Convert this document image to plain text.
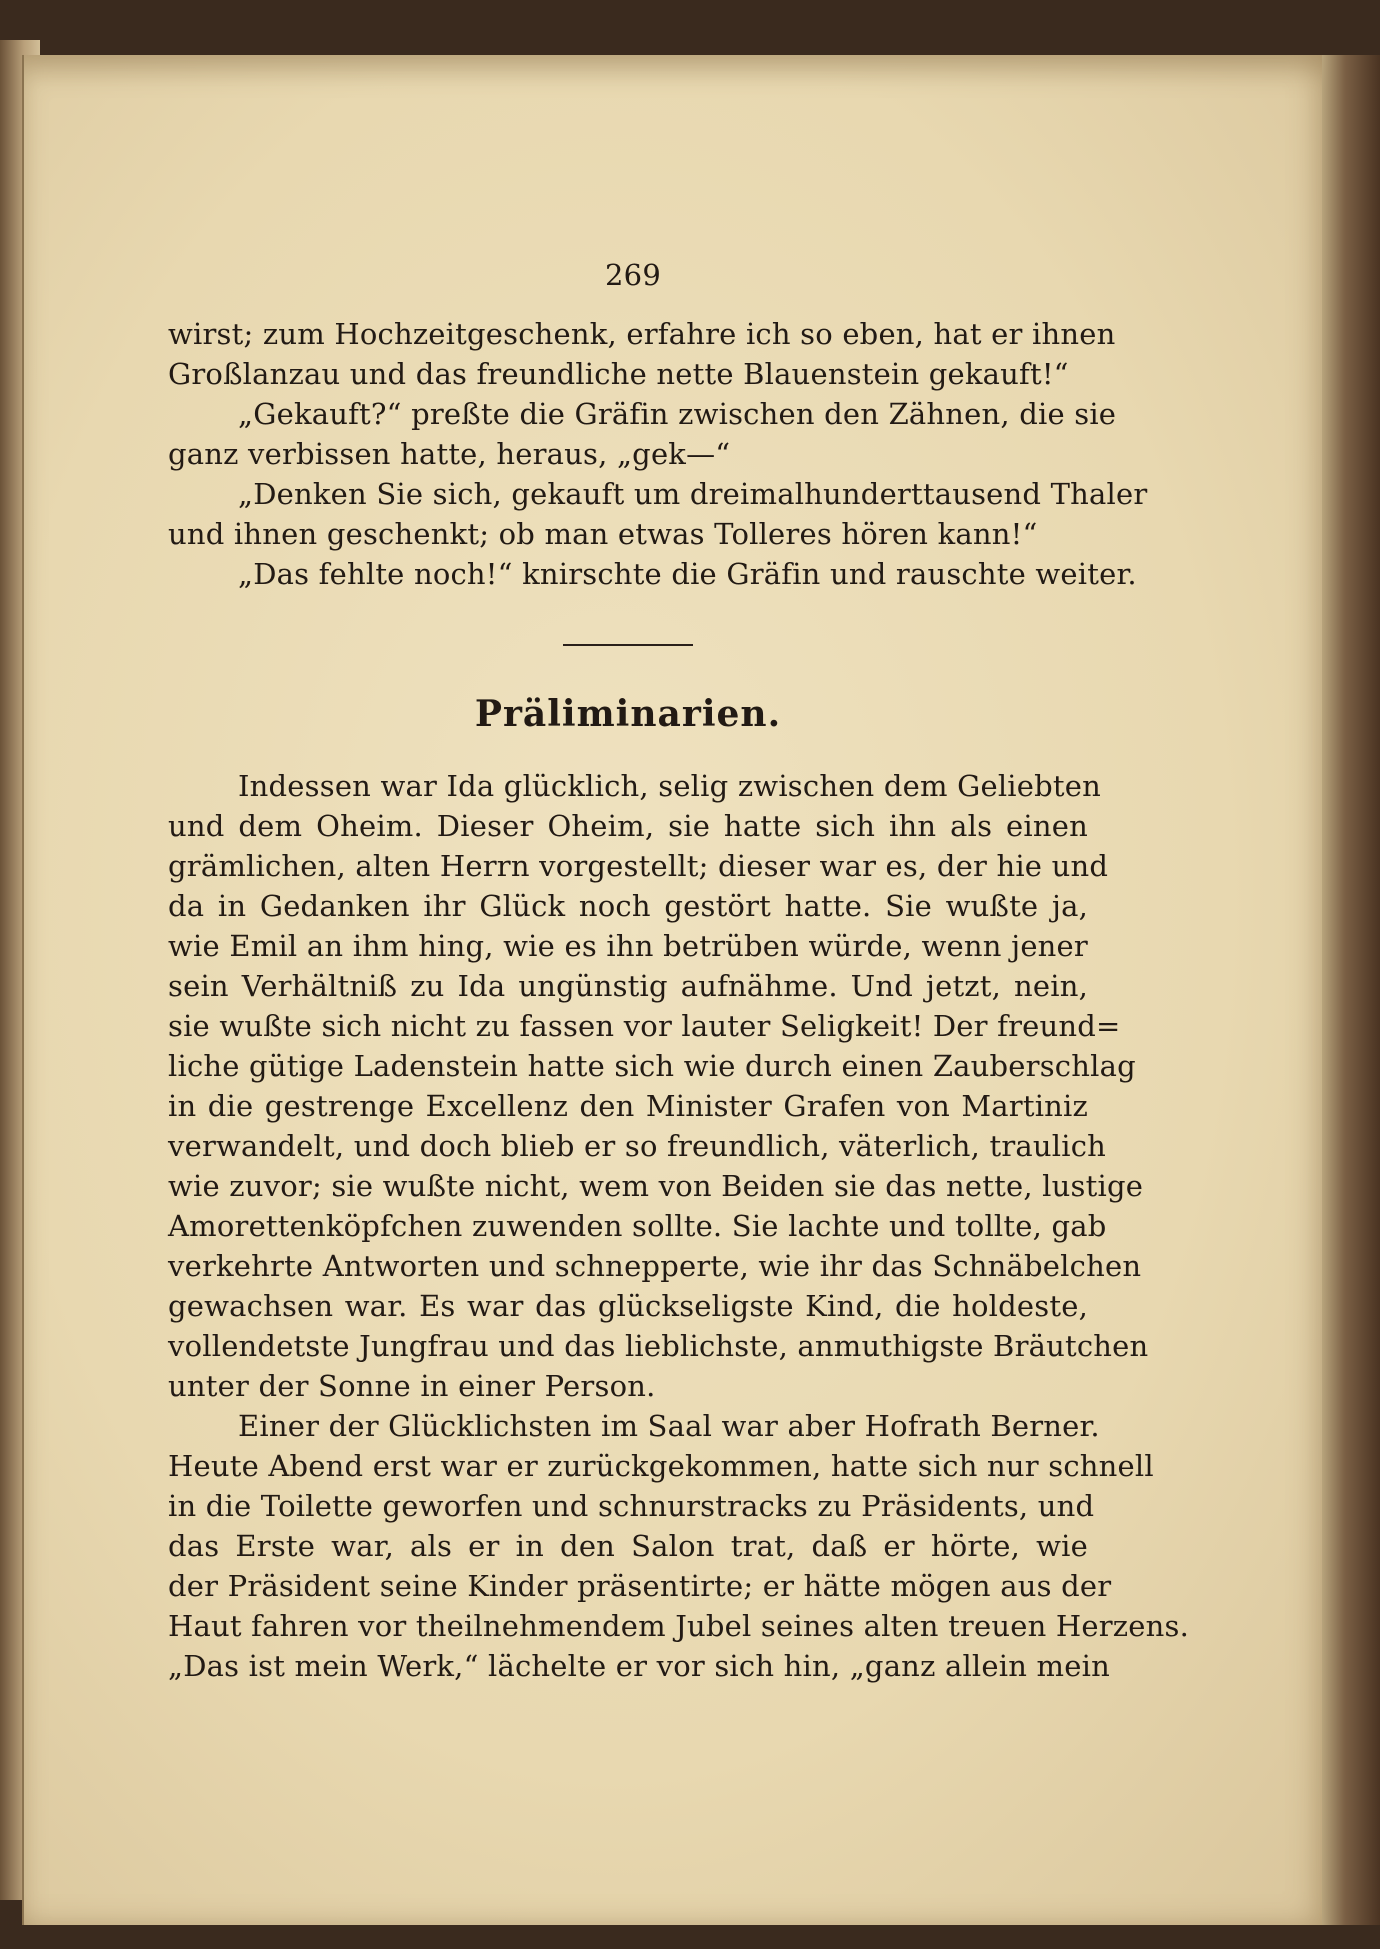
269
wirst; zum Hochzeitgeschenk, erfahre ich so eben, hat er ihnen
Großlanzau und das freundliche nette Blauenstein gekauft!“
„Gekauft?“ preßte die Gräfin zwischen den Zähnen, die sie
ganz verbissen hatte, heraus, „gek—“
„Denken Sie sich, gekauft um dreimalhunderttausend Thaler
und ihnen geschenkt; ob man etwas Tolleres hören kann!“
„Das fehlte noch!“ knirschte die Gräfin und rauschte weiter.
Präliminarien.
Indessen war Ida glücklich, selig zwischen dem Geliebten
und dem Oheim. Dieser Oheim, sie hatte sich ihn als einen
grämlichen, alten Herrn vorgestellt; dieser war es, der hie und
da in Gedanken ihr Glück noch gestört hatte. Sie wußte ja,
wie Emil an ihm hing, wie es ihn betrüben würde, wenn jener
sein Verhältniß zu Ida ungünstig aufnähme. Und jetzt, nein,
sie wußte sich nicht zu fassen vor lauter Seligkeit! Der freund=
liche gütige Ladenstein hatte sich wie durch einen Zauberschlag
in die gestrenge Excellenz den Minister Grafen von Martiniz
verwandelt, und doch blieb er so freundlich, väterlich, traulich
wie zuvor; sie wußte nicht, wem von Beiden sie das nette, lustige
Amorettenköpfchen zuwenden sollte. Sie lachte und tollte, gab
verkehrte Antworten und schnepperte, wie ihr das Schnäbelchen
gewachsen war. Es war das glückseligste Kind, die holdeste,
vollendetste Jungfrau und das lieblichste, anmuthigste Bräutchen
unter der Sonne in einer Person.
Einer der Glücklichsten im Saal war aber Hofrath Berner.
Heute Abend erst war er zurückgekommen, hatte sich nur schnell
in die Toilette geworfen und schnurstracks zu Präsidents, und
das Erste war, als er in den Salon trat, daß er hörte, wie
der Präsident seine Kinder präsentirte; er hätte mögen aus der
Haut fahren vor theilnehmendem Jubel seines alten treuen Herzens.
„Das ist mein Werk,“ lächelte er vor sich hin, „ganz allein mein
